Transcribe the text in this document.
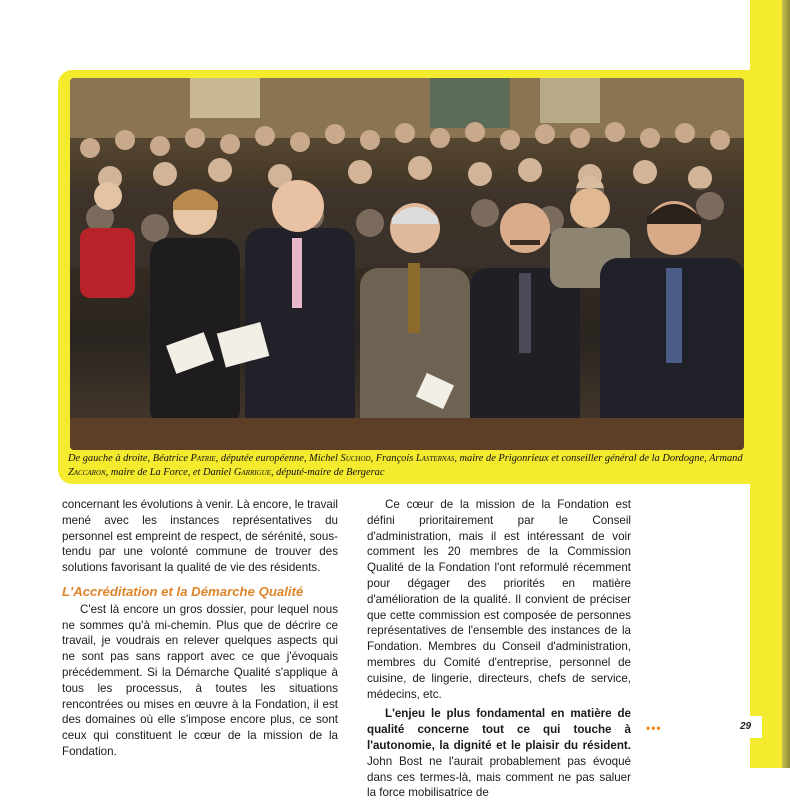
De gauche à droite, Béatrice Patrie, députée européenne, Michel Suchod, François Lasternas, maire de Prigonrieux et conseiller général de la Dordogne, Armand Zaccaron, maire de La Force, et Daniel Garrigue, député-maire de Bergerac

concernant les évolutions à venir. Là encore, le travail mené avec les instances représentatives du personnel est empreint de respect, de sérénité, sous-tendu par une volonté commune de trouver des solutions favorisant la qualité de vie des résidents.

L'Accréditation et la Démarche Qualité

C'est là encore un gros dossier, pour lequel nous ne sommes qu'à mi-chemin. Plus que de décrire ce travail, je voudrais en relever quelques aspects qui ne sont pas sans rapport avec ce que j'évoquais précédemment. Si la Démarche Qualité s'applique à tous les processus, à toutes les situations rencontrées ou mises en œuvre à la Fondation, il est des domaines où elle s'impose encore plus, ce sont ceux qui constituent le cœur de la mission de la Fondation.

Ce cœur de la mission de la Fondation est défini prioritairement par le Conseil d'administration, mais il est intéressant de voir comment les 20 membres de la Commission Qualité de la Fondation l'ont reformulé récemment pour dégager des priorités en matière d'amélioration de la qualité. Il convient de préciser que cette commission est composée de personnes représentatives de l'ensemble des instances de la Fondation. Membres du Conseil d'administration, membres du Comité d'entreprise, personnel de cuisine, de lingerie, directeurs, chefs de service, médecins, etc.

L'enjeu le plus fondamental en matière de qualité concerne tout ce qui touche à l'autonomie, la dignité et le plaisir du résident. John Bost ne l'aurait probablement pas évoqué dans ces termes-là, mais comment ne pas saluer la force mobilisatrice de

•••	29
